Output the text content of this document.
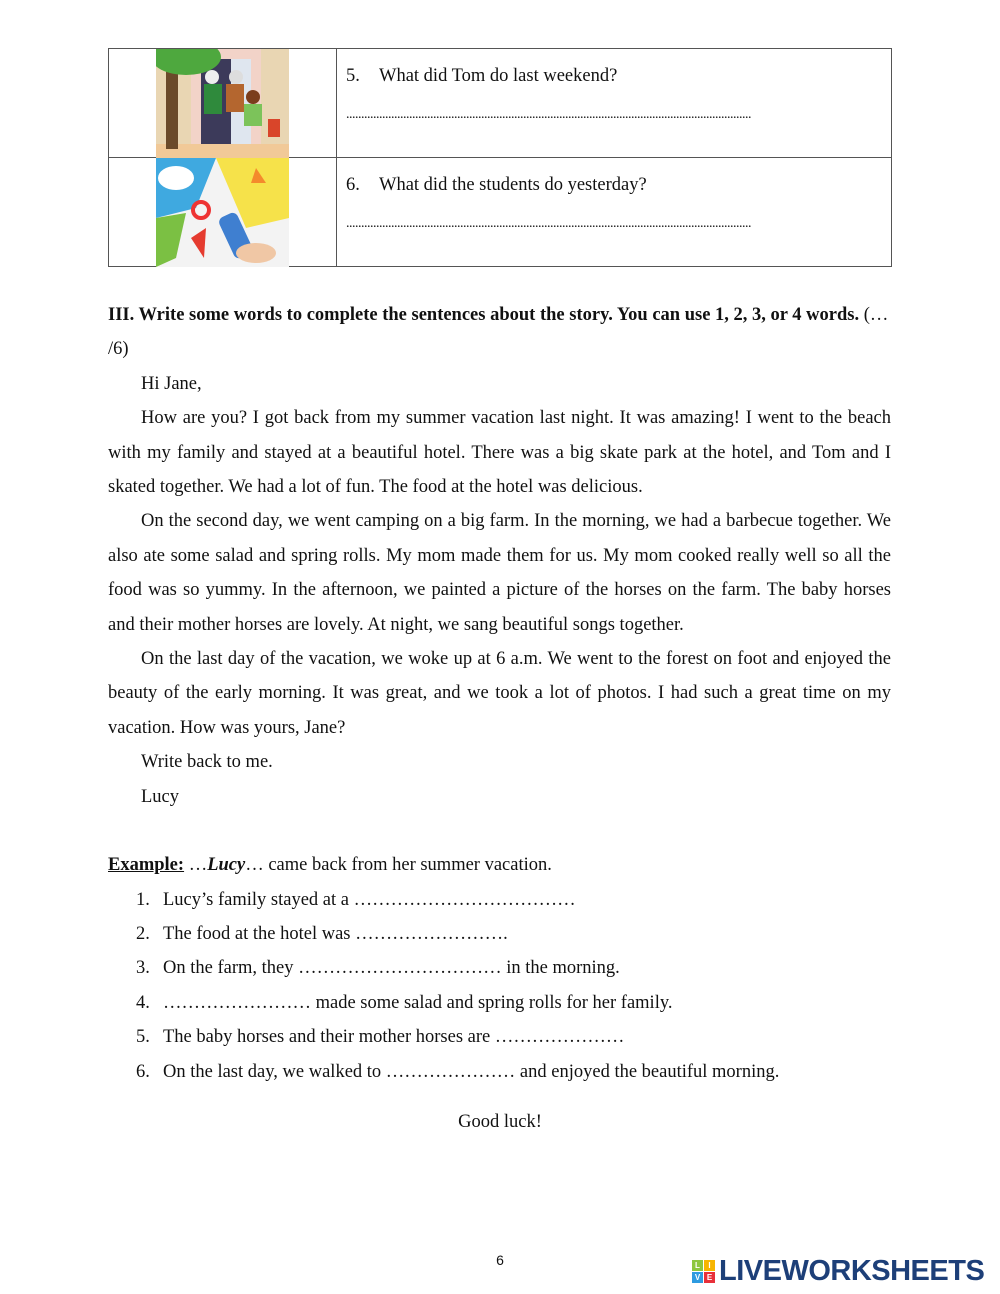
5. What did Tom do last weekend?
.......................................................................................................................................

6. What did the students do yesterday?
.......................................................................................................................................

III. Write some words to complete the sentences about the story. You can use 1, 2, 3, or 4 words. (… /6)

Hi Jane,

How are you? I got back from my summer vacation last night. It was amazing! I went to the beach with my family and stayed at a beautiful hotel. There was a big skate park at the hotel, and Tom and I skated together. We had a lot of fun. The food at the hotel was delicious.

On the second day, we went camping on a big farm. In the morning, we had a barbecue together. We also ate some salad and spring rolls. My mom made them for us. My mom cooked really well so all the food was so yummy. In the afternoon, we painted a picture of the horses on the farm. The baby horses and their mother horses are lovely. At night, we sang beautiful songs together.

On the last day of the vacation, we woke up at 6 a.m. We went to the forest on foot and enjoyed the beauty of the early morning. It was great, and we took a lot of photos. I had such a great time on my vacation. How was yours, Jane?

Write back to me.

Lucy

Example: …Lucy… came back from her summer vacation.

1. Lucy’s family stayed at a ………………………………
2. The food at the hotel was …………………….
3. On the farm, they …………………………… in the morning.
4. …………………… made some salad and spring rolls for her family.
5. The baby horses and their mother horses are …………………
6. On the last day, we walked to ………………… and enjoyed the beautiful morning.
Good luck!
6	L	I
V E LIVEWORKSHEETS
